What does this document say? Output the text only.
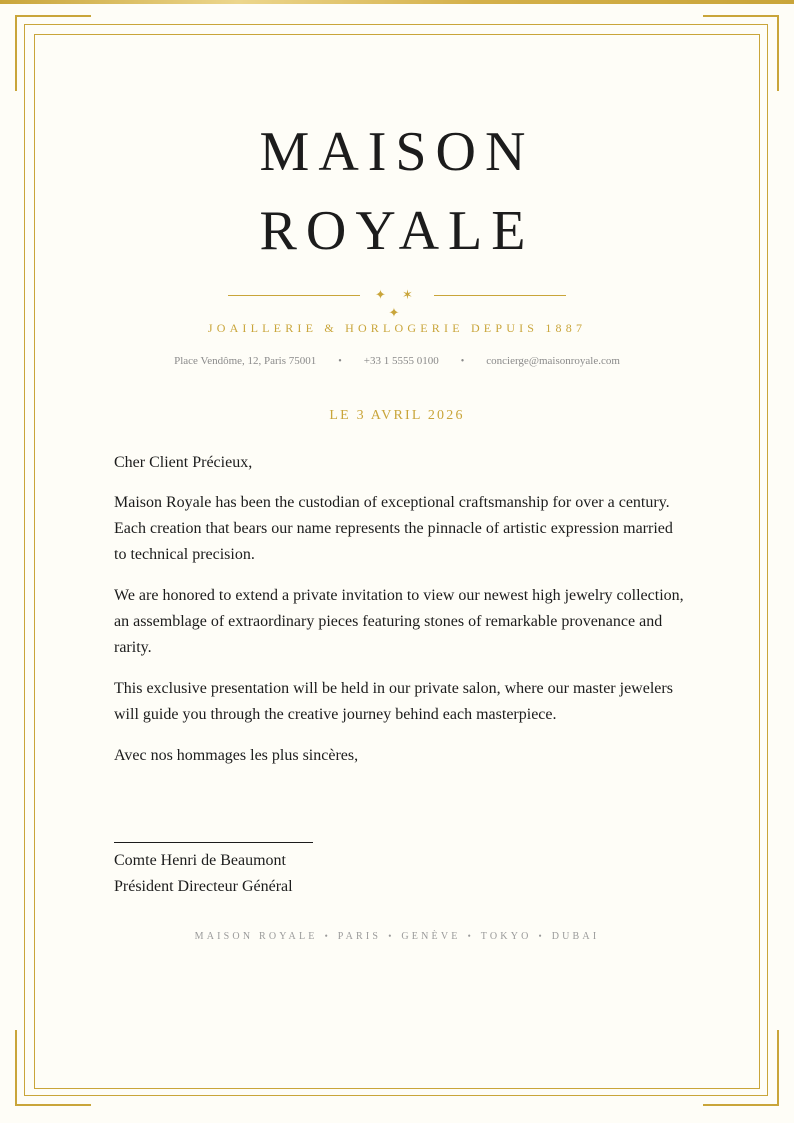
MAISON
ROYALE
✦ ✶ ✦
JOAILLERIE & HORLOGERIE DEPUIS 1887
Place Vendôme, 12, Paris 75001 • +33 1 5555 0100 • concierge@maisonroyale.com
LE 3 AVRIL 2026

Cher Client Précieux,

Maison Royale has been the custodian of exceptional craftsmanship for over a century. Each creation that bears our name represents the pinnacle of artistic expression married to technical precision.

We are honored to extend a private invitation to view our newest high jewelry collection, an assemblage of extraordinary pieces featuring stones of remarkable provenance and rarity.

This exclusive presentation will be held in our private salon, where our master jewelers will guide you through the creative journey behind each masterpiece.

Avec nos hommages les plus sincères,

Comte Henri de Beaumont
Président Directeur Général
MAISON ROYALE • PARIS • GENÈVE • TOKYO • DUBAI
